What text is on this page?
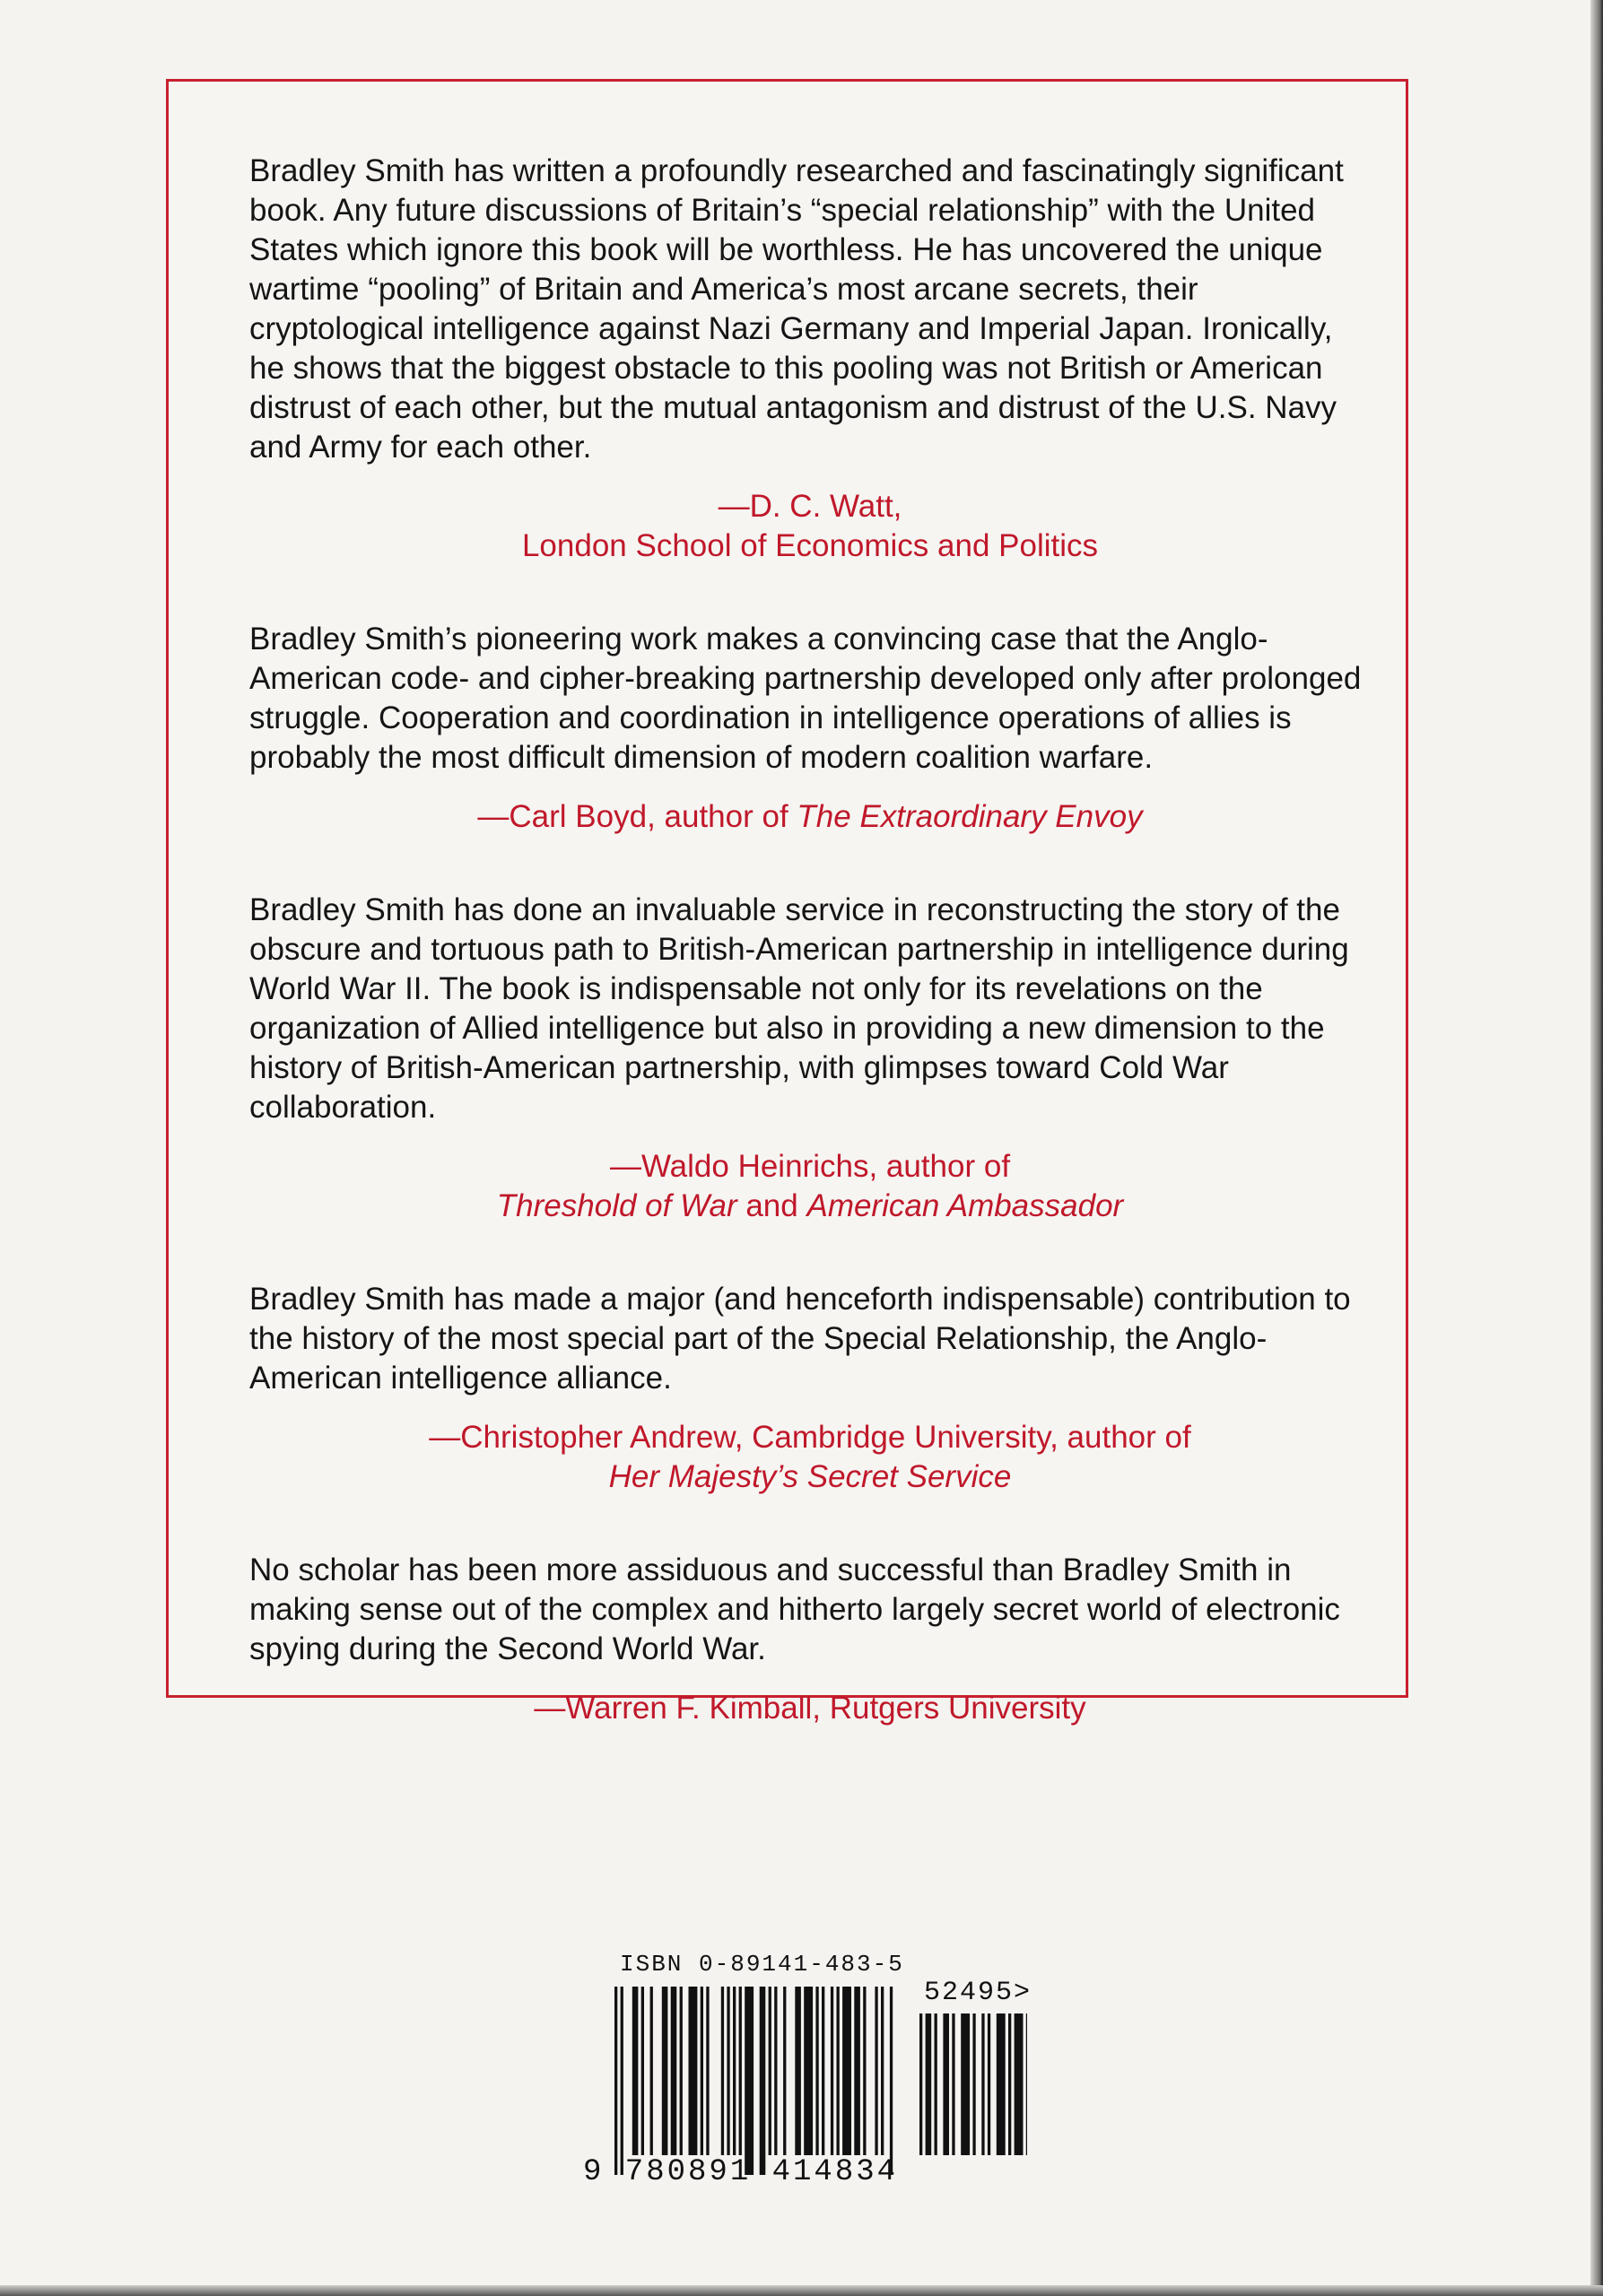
Bradley Smith has written a profoundly researched and fascinatingly significant book. Any future discussions of Britain’s “special relationship” with the United States which ignore this book will be worthless. He has uncovered the unique wartime “pooling” of Britain and America’s most arcane secrets, their cryptological intelligence against Nazi Germany and Imperial Japan. Ironically, he shows that the biggest obstacle to this pooling was not British or American distrust of each other, but the mutual antagonism and distrust of the U.S. Navy and Army for each other.

—D. C. Watt,
London School of Economics and Politics

Bradley Smith’s pioneering work makes a convincing case that the Anglo-American code- and cipher-breaking partnership developed only after prolonged struggle. Cooperation and coordination in intelligence operations of allies is probably the most difficult dimension of modern coalition warfare.

—Carl Boyd, author of The Extraordinary Envoy

Bradley Smith has done an invaluable service in reconstructing the story of the obscure and tortuous path to British-American partnership in intelligence during World War II. The book is indispensable not only for its revelations on the organization of Allied intelligence but also in providing a new dimension to the history of British-American partnership, with glimpses toward Cold War collaboration.

—Waldo Heinrichs, author of
Threshold of War and American Ambassador

Bradley Smith has made a major (and henceforth indispensable) contribution to the history of the most special part of the Special Relationship, the Anglo-American intelligence alliance.

—Christopher Andrew, Cambridge University, author of
Her Majesty’s Secret Service

No scholar has been more assiduous and successful than Bradley Smith in making sense out of the complex and hitherto largely secret world of electronic spying during the Second World War.

—Warren F. Kimball, Rutgers University
ISBN 0-89141-483-5
52495>
9 780891 414834
